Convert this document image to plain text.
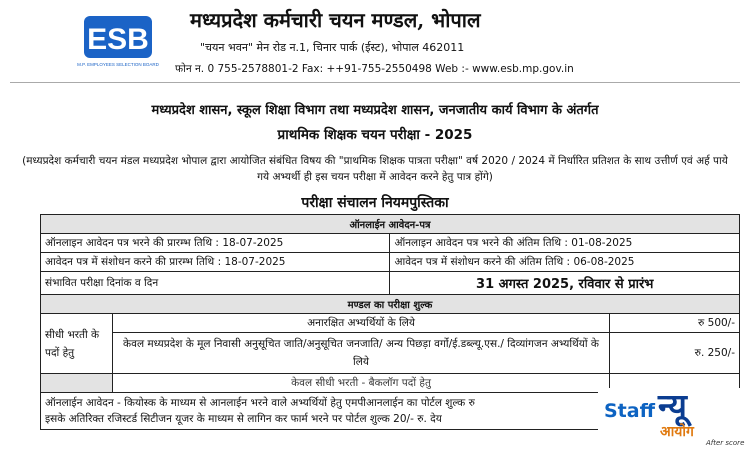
ESB
M.P. EMPLOYEES SELECTION BOARD
मध्यप्रदेश कर्मचारी चयन मण्डल, भोपाल
"चयन भवन" मेन रोड न.1, चिनार पार्क (ईस्ट), भोपाल 462011
फोन न. 0 755-2578801-2 Fax: ++91-755-2550498 Web :- www.esb.mp.gov.in
मध्यप्रदेश शासन, स्कूल शिक्षा विभाग तथा मध्यप्रदेश शासन, जनजातीय कार्य विभाग के अंतर्गत
प्राथमिक शिक्षक चयन परीक्षा - 2025
(मध्यप्रदेश कर्मचारी चयन मंडल मध्यप्रदेश भोपाल द्वारा आयोजित संबंधित विषय की "प्राथमिक शिक्षक पात्रता परीक्षा" वर्ष 2020 / 2024 में निर्धारित प्रतिशत के साथ उत्तीर्ण एवं अर्ह पाये गये अभ्यर्थी ही इस चयन परीक्षा में आवेदन करने हेतु पात्र होंगे)
परीक्षा संचालन नियमपुस्तिका
ऑनलाईन आवेदन-पत्र			
ऑनलाइन आवेदन पत्र भरने की प्रारम्भ तिथि : 18-07-2025		ऑनलाइन आवेदन पत्र भरने की अंतिम तिथि : 01-08-2025	
आवेदन पत्र में संशोधन करने की प्रारम्भ तिथि : 18-07-2025		आवेदन पत्र में संशोधन करने की अंतिम तिथि : 06-08-2025	
संभावित परीक्षा दिनांक व दिन		31 अगस्त 2025, रविवार से प्रारंभ	
मण्डल का परीक्षा शुल्क			
सीधी भरती के पदों हेतु	अनारक्षित अभ्यर्थियों के लिये		रु 500/-
	केवल मध्यप्रदेश के मूल निवासी अनुसूचित जाति/अनुसूचित जनजाति/ अन्य पिछड़ा वर्गो/ई.डब्ल्यू.एस./ दिव्यांगजन अभ्यर्थियों के लिये		रु. 250/-
	केवल सीधी भरती - बैकलॉग पदों हेतु		

ऑनलाईन आवेदन - कियोस्क के माध्यम से आनलाईन भरने वाले अभ्यर्थियों हेतु एमपीआनलाईन का पोर्टल शुल्क रु
इसके अतिरिक्त रजिस्टर्ड सिटीजन यूजर के माध्यम से लागिन कर फार्म भरने पर पोर्टल शुल्क 20/- रु. देय				Staff न्यू
आयोग
After score
